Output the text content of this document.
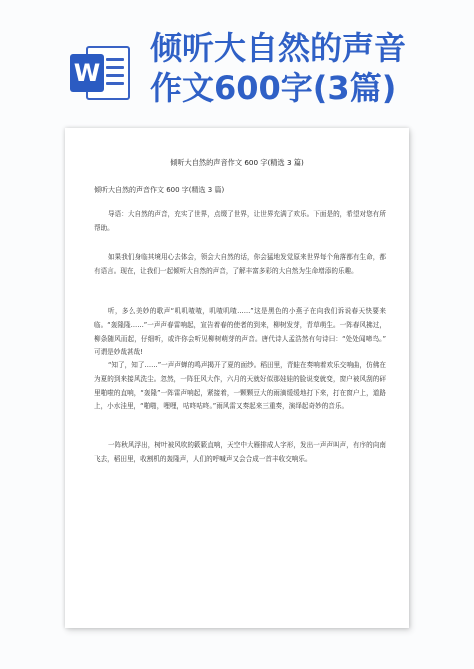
W
倾听大自然的声音
作文600字(3篇)
倾听大自然的声音作文 600 字(精选 3 篇)
倾听大自然的声音作文 600 字(精选 3 篇)

导语：大自然的声音，充实了世界，点缀了世界，让世界充满了欢乐。下面是的，希望对您有所帮助。

如果我们身临其境用心去体会，领会大自然的话，你会猛地发觉原来世界每个角落都有生命，都有语言。现在，让我们一起倾听大自然的声音，了解丰富多彩的大自然为生命增添的乐趣。

听，多么美妙的歌声“叽叽喳喳，叽喳叽喳……”这是黑色的小燕子在向我们诉说春天快要来临。“轰隆隆……”一声声春雷响起，宣告着春的使者的到来，柳树发芽，青草萌生。一阵春风拂过，柳条随风而起，仔细听，或许你会听见柳树萌芽的声音。唐代诗人孟浩然有句诗曰：“处处闻啼鸟。” 可谓是妙哉甚哉!

“知了，知了……”一声声蝉的鸣声揭开了夏的面纱。稻田里，青蛙在奏响着欢乐交响曲，仿佛在为夏的到来接风洗尘。忽然，一阵狂风大作，六月的天就好似那娃娃的脸说变就变，窗户被风刮的砰里啪啦的直响，“轰隆”一阵雷声响起，紧接着，一颗颗豆大的雨滴缓缓地打下来，打在窗户上，道路上，小水洼里，“啪啪，哩哩，咕咚咕咚。”雨风雷又奏起来三重奏，演绎起奇妙的音乐。

一阵秋风浮出，树叶被风吹的簌簌直响，天空中大雁排成人字形，发出一声声叫声，有序的向南飞去，稻田里，收割机的轰隆声，人们的呼喊声又会合成一首丰收交响乐。
